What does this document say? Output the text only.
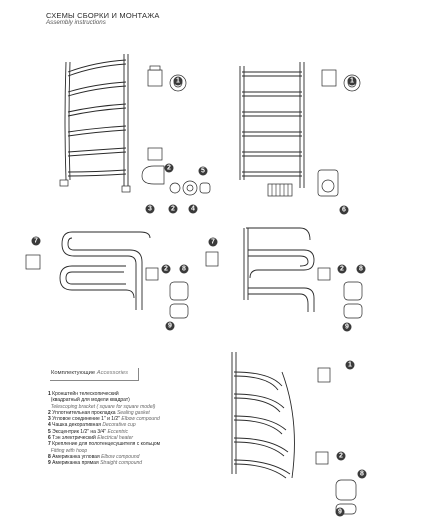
СХЕМЫ СБОРКИ И МОНТАЖА
Assembly instructions
1
2	5
3	2 4
1
6
7
2 8
9
7
2 8
9
1
2
8
9
Комплектующие Accessories
1 Кронштейн телескопический
(квадратный для модели квадрат)
Telescoping bracket ( square for square model)
2 Уплотнительная прокладка Sealing gasket
3 Угловое соединение 1" и 1/2" Elbow compound
4 Чашка декоративная Decorative cup
5 Эксцентрик 1/2" на 3/4" Eccentric
6 Тэн электрический Electrical heater
7 Крепление для полотенцесушителя с кольцом
Fitting with hoop
8 Американка угловая Elbow compound
9 Американка прямая Straight compound
